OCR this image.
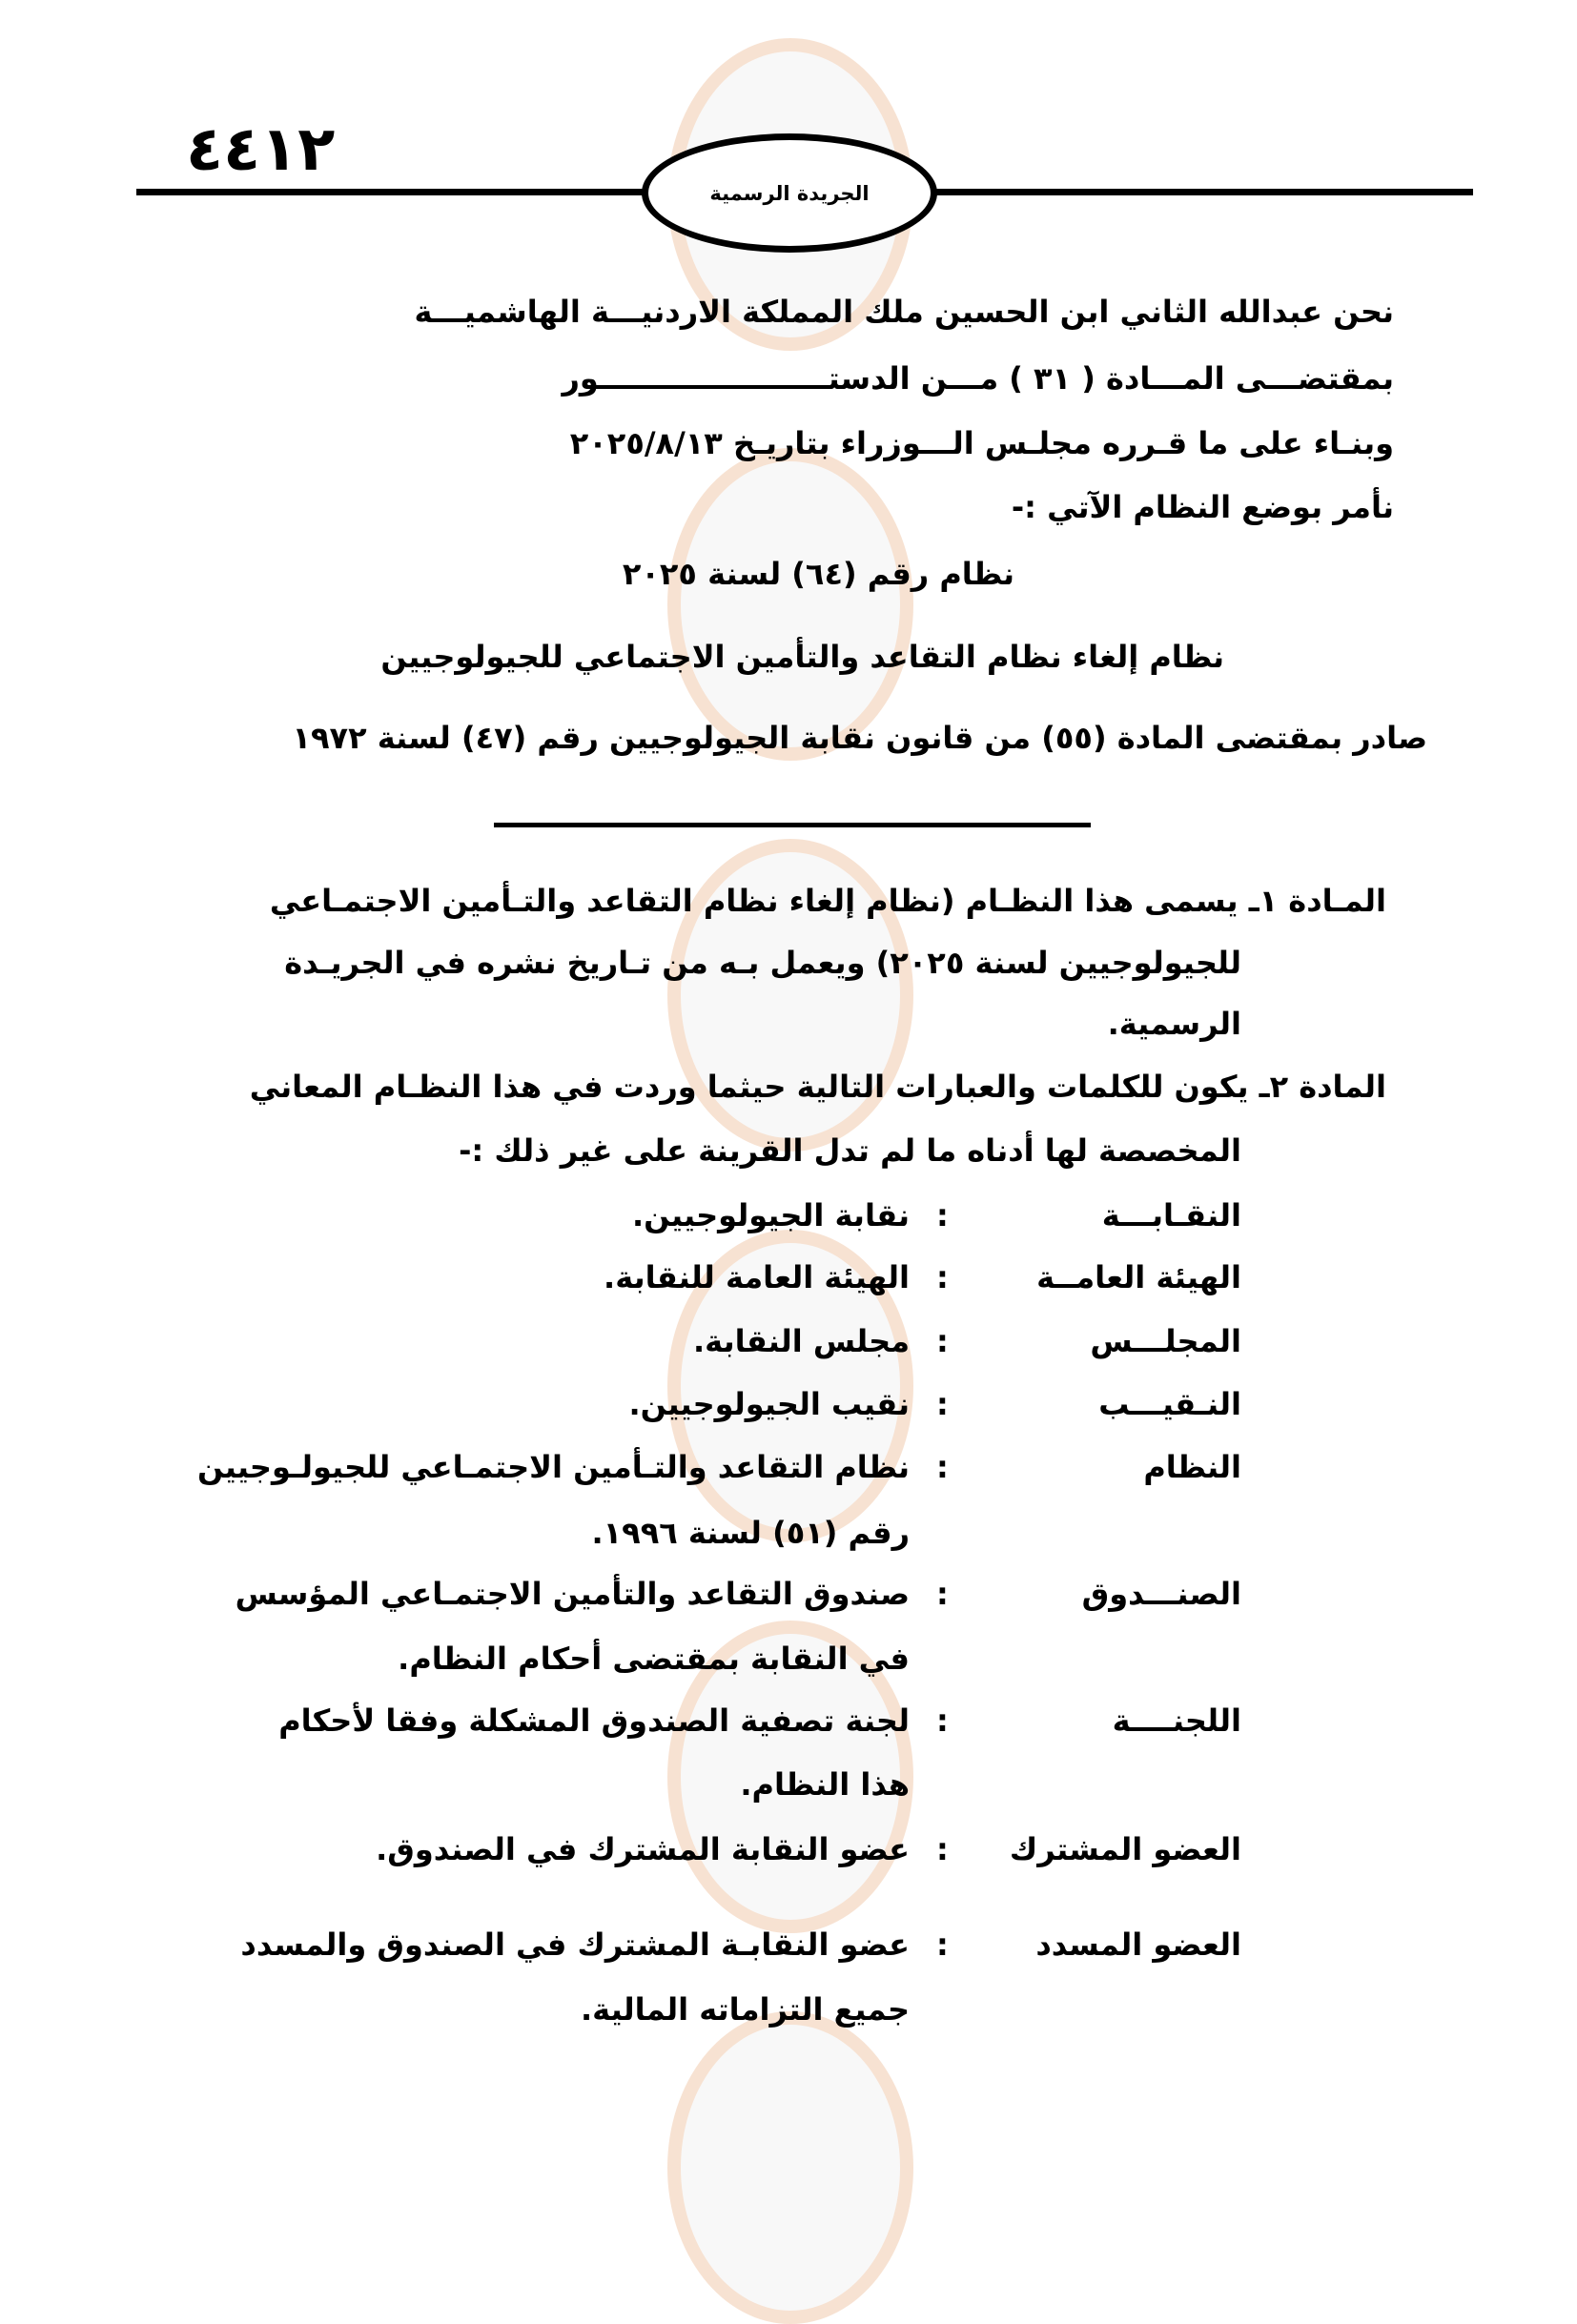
٤٤١٢
الجريدة الرسمية
نحن عبدالله الثاني ابن الحسين ملك المملكة الاردنيـــة الهاشميـــة
بمقتضـــى المـــادة ( ٣١ ) مـــن الدستــــــــــــــــــــــور
وبنـاء على ما قـرره مجلـس الـــوزراء بتاريـخ ٢٠٢٥/٨/١٣
نأمر بوضع النظام الآتي :-
نظام رقم (٦٤) لسنة ٢٠٢٥
نظام إلغاء نظام التقاعد والتأمين الاجتماعي للجيولوجيين
صادر بمقتضى المادة (٥٥) من قانون نقابة الجيولوجيين رقم (٤٧) لسنة ١٩٧٢
المـادة ١ـ يسمى هذا النظـام (نظام إلغاء نظام التقاعد والتـأمين الاجتمـاعي
للجيولوجيين لسنة ٢٠٢٥) ويعمل بـه من تـاريخ نشره في الجريـدة
الرسمية.
المادة ٢ـ يكون للكلمات والعبارات التالية حيثما وردت في هذا النظـام المعاني
المخصصة لها أدناه ما لم تدل القرينة على غير ذلك :-
النقـابـــة
:
نقابة الجيولوجيين.
الهيئة العامــة
:
الهيئة العامة للنقابة.
المجلـــس
:
مجلس النقابة.
النـقيـــب
:
نقيب الجيولوجيين.
النظام
:
نظام التقاعد والتـأمين الاجتمـاعي للجيولـوجيين
رقم (٥١) لسنة ١٩٩٦.
الصنـــدوق
:
صندوق التقاعد والتأمين الاجتمـاعي المؤسس
في النقابة بمقتضى أحكام النظام.
اللجنــــة
:
لجنة تصفية الصندوق المشكلة وفقا لأحكام
هذا النظام.
العضو المشترك
:
عضو النقابة المشترك في الصندوق.
العضو المسدد
:
عضو النقابـة المشترك في الصندوق والمسدد
جميع التزاماته المالية.
